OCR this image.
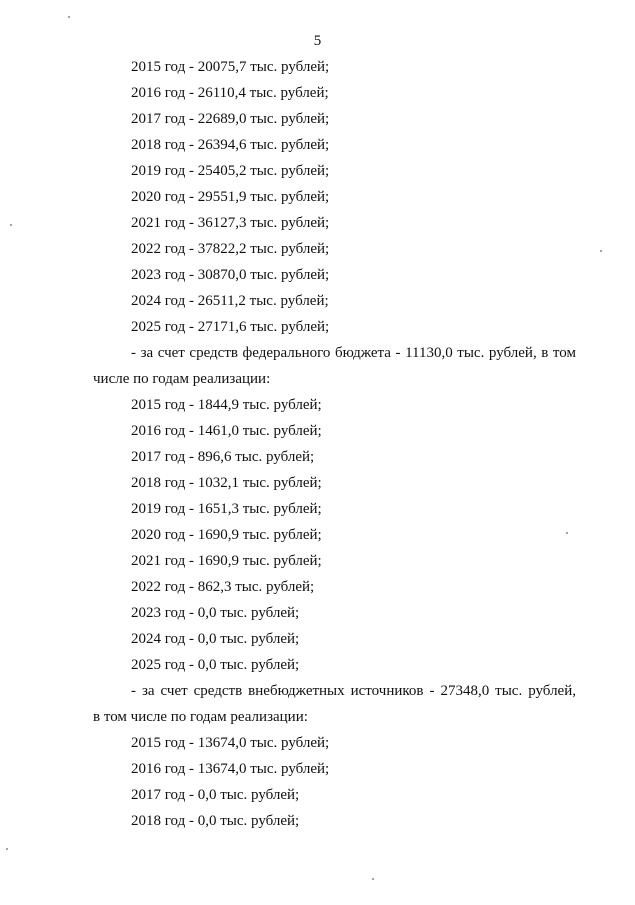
5
2015 год - 20075,7 тыс. рублей;
2016 год - 26110,4 тыс. рублей;
2017 год - 22689,0 тыс. рублей;
2018 год - 26394,6 тыс. рублей;
2019 год - 25405,2 тыс. рублей;
2020 год - 29551,9 тыс. рублей;
2021 год - 36127,3 тыс. рублей;
2022 год - 37822,2 тыс. рублей;
2023 год - 30870,0 тыс. рублей;
2024 год - 26511,2 тыс. рублей;
2025 год - 27171,6 тыс. рублей;
- за счет средств федерального бюджета - 11130,0 тыс. рублей, в том
числе по годам реализации:
2015 год - 1844,9 тыс. рублей;
2016 год - 1461,0 тыс. рублей;
2017 год - 896,6 тыс. рублей;
2018 год - 1032,1 тыс. рублей;
2019 год - 1651,3 тыс. рублей;
2020 год - 1690,9 тыс. рублей;
2021 год - 1690,9 тыс. рублей;
2022 год - 862,3 тыс. рублей;
2023 год - 0,0 тыс. рублей;
2024 год - 0,0 тыс. рублей;
2025 год - 0,0 тыс. рублей;
- за счет средств внебюджетных источников - 27348,0 тыс. рублей,
в том числе по годам реализации:
2015 год - 13674,0 тыс. рублей;
2016 год - 13674,0 тыс. рублей;
2017 год - 0,0 тыс. рублей;
2018 год - 0,0 тыс. рублей;
